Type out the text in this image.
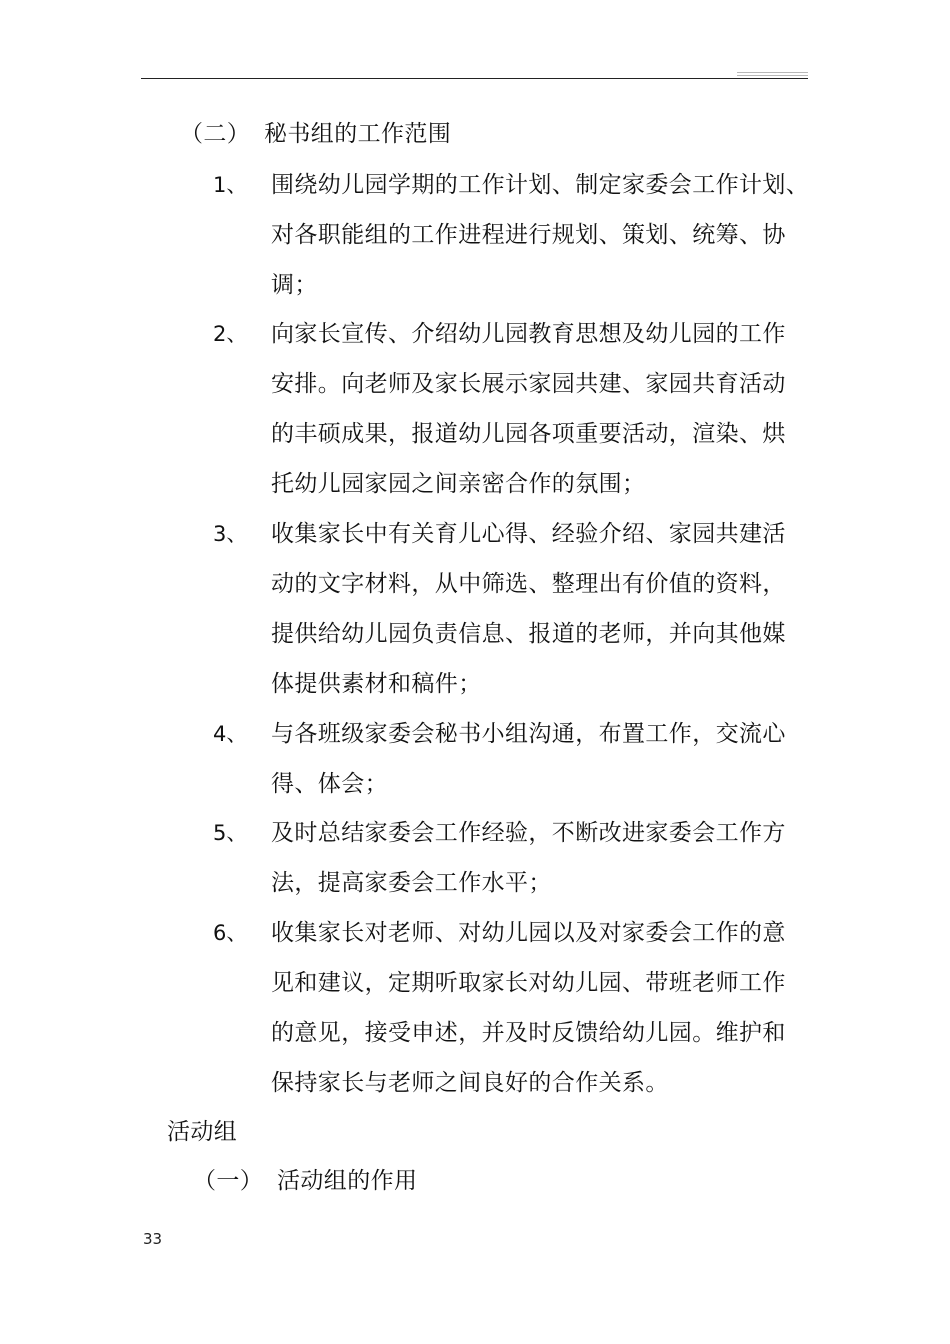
（二） 秘书组的工作范围
1、 围绕幼儿园学期的工作计划、制定家委会工作计划、
对各职能组的工作进程进行规划、策划、统筹、协
调；
2、 向家长宣传、介绍幼儿园教育思想及幼儿园的工作
安排。向老师及家长展示家园共建、家园共育活动
的丰硕成果，报道幼儿园各项重要活动，渲染、烘
托幼儿园家园之间亲密合作的氛围；
3、 收集家长中有关育儿心得、经验介绍、家园共建活
动的文字材料，从中筛选、整理出有价值的资料，
提供给幼儿园负责信息、报道的老师，并向其他媒
体提供素材和稿件；
4、 与各班级家委会秘书小组沟通，布置工作，交流心
得、体会；
5、 及时总结家委会工作经验，不断改进家委会工作方
法，提高家委会工作水平；
6、 收集家长对老师、对幼儿园以及对家委会工作的意
见和建议，定期听取家长对幼儿园、带班老师工作
的意见，接受申述，并及时反馈给幼儿园。维护和
保持家长与老师之间良好的合作关系。
活动组
（一） 活动组的作用
33
